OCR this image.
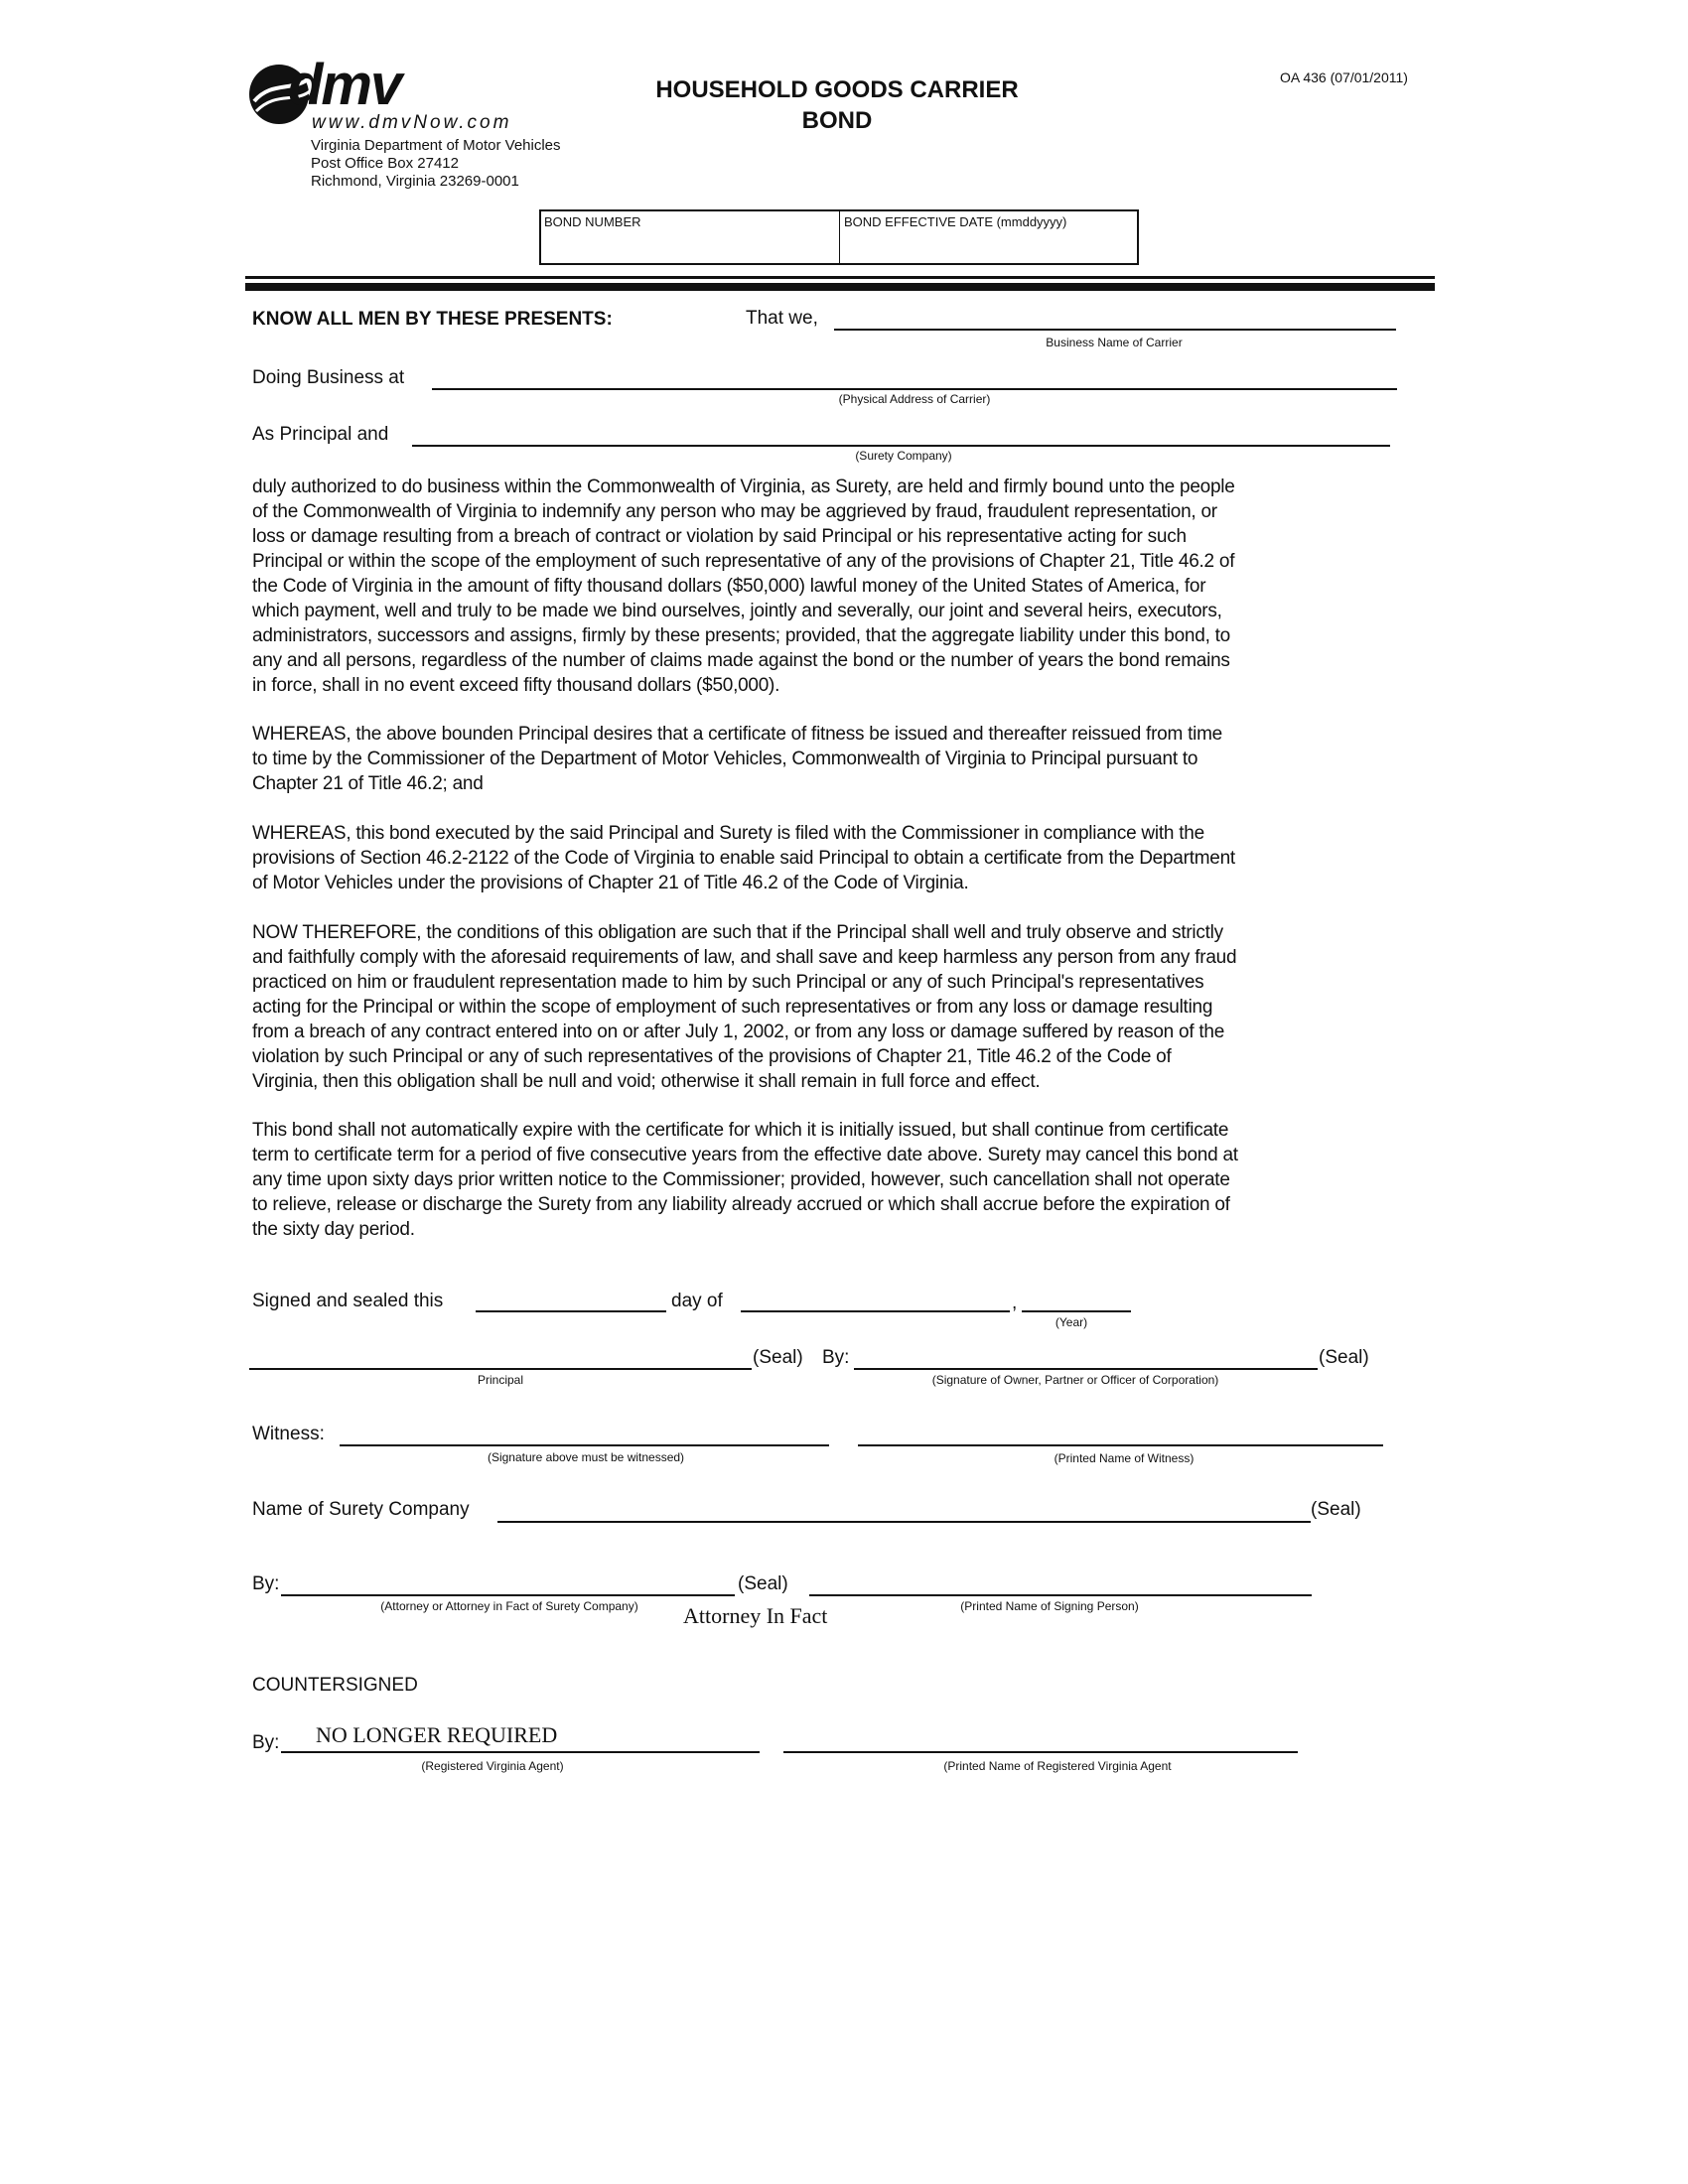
dmv
www.dmvNow.com
Virginia Department of Motor Vehicles
Post Office Box 27412
Richmond, Virginia 23269-0001
HOUSEHOLD GOODS CARRIER
BOND
OA 436 (07/01/2011)
BOND NUMBER	BOND EFFECTIVE DATE (mmddyyyy)
KNOW ALL MEN BY THESE PRESENTS:	That we,
Business Name of Carrier
Doing Business at
(Physical Address of Carrier)
As Principal and
(Surety Company)
duly authorized to do business within the Commonwealth of Virginia, as Surety, are held and firmly bound unto the people
of the Commonwealth of Virginia to indemnify any person who may be aggrieved by fraud, fraudulent representation, or
loss or damage resulting from a breach of contract or violation by said Principal or his representative acting for such
Principal or within the scope of the employment of such representative of any of the provisions of Chapter 21, Title 46.2 of
the Code of Virginia in the amount of fifty thousand dollars ($50,000) lawful money of the United States of America, for
which payment, well and truly to be made we bind ourselves, jointly and severally, our joint and several heirs, executors,
administrators, successors and assigns, firmly by these presents; provided, that the aggregate liability under this bond, to
any and all persons, regardless of the number of claims made against the bond or the number of years the bond remains
in force, shall in no event exceed fifty thousand dollars ($50,000).
WHEREAS, the above bounden Principal desires that a certificate of fitness be issued and thereafter reissued from time
to time by the Commissioner of the Department of Motor Vehicles, Commonwealth of Virginia to Principal pursuant to
Chapter 21 of Title 46.2; and
WHEREAS, this bond executed by the said Principal and Surety is filed with the Commissioner in compliance with the
provisions of Section 46.2-2122 of the Code of Virginia to enable said Principal to obtain a certificate from the Department
of Motor Vehicles under the provisions of Chapter 21 of Title 46.2 of the Code of Virginia.
NOW THEREFORE, the conditions of this obligation are such that if the Principal shall well and truly observe and strictly
and faithfully comply with the aforesaid requirements of law, and shall save and keep harmless any person from any fraud
practiced on him or fraudulent representation made to him by such Principal or any of such Principal's representatives
acting for the Principal or within the scope of employment of such representatives or from any loss or damage resulting
from a breach of any contract entered into on or after July 1, 2002, or from any loss or damage suffered by reason of the
violation by such Principal or any of such representatives of the provisions of Chapter 21, Title 46.2 of the Code of
Virginia, then this obligation shall be null and void; otherwise it shall remain in full force and effect.
This bond shall not automatically expire with the certificate for which it is initially issued, but shall continue from certificate
term to certificate term for a period of five consecutive years from the effective date above. Surety may cancel this bond at
any time upon sixty days prior written notice to the Commissioner; provided, however, such cancellation shall not operate
to relieve, release or discharge the Surety from any liability already accrued or which shall accrue before the expiration of
the sixty day period.
Signed and sealed this	day of	,
(Year)
(Seal) By:	(Seal)
Principal	(Signature of Owner, Partner or Officer of Corporation)
Witness:
(Signature above must be witnessed)	(Printed Name of Witness)
Name of Surety Company	(Seal)
By:	(Seal)
(Attorney or Attorney in Fact of Surety Company)	(Printed Name of Signing Person)
Attorney In Fact
COUNTERSIGNED
By: NO LONGER REQUIRED
(Registered Virginia Agent)	(Printed Name of Registered Virginia Agent
